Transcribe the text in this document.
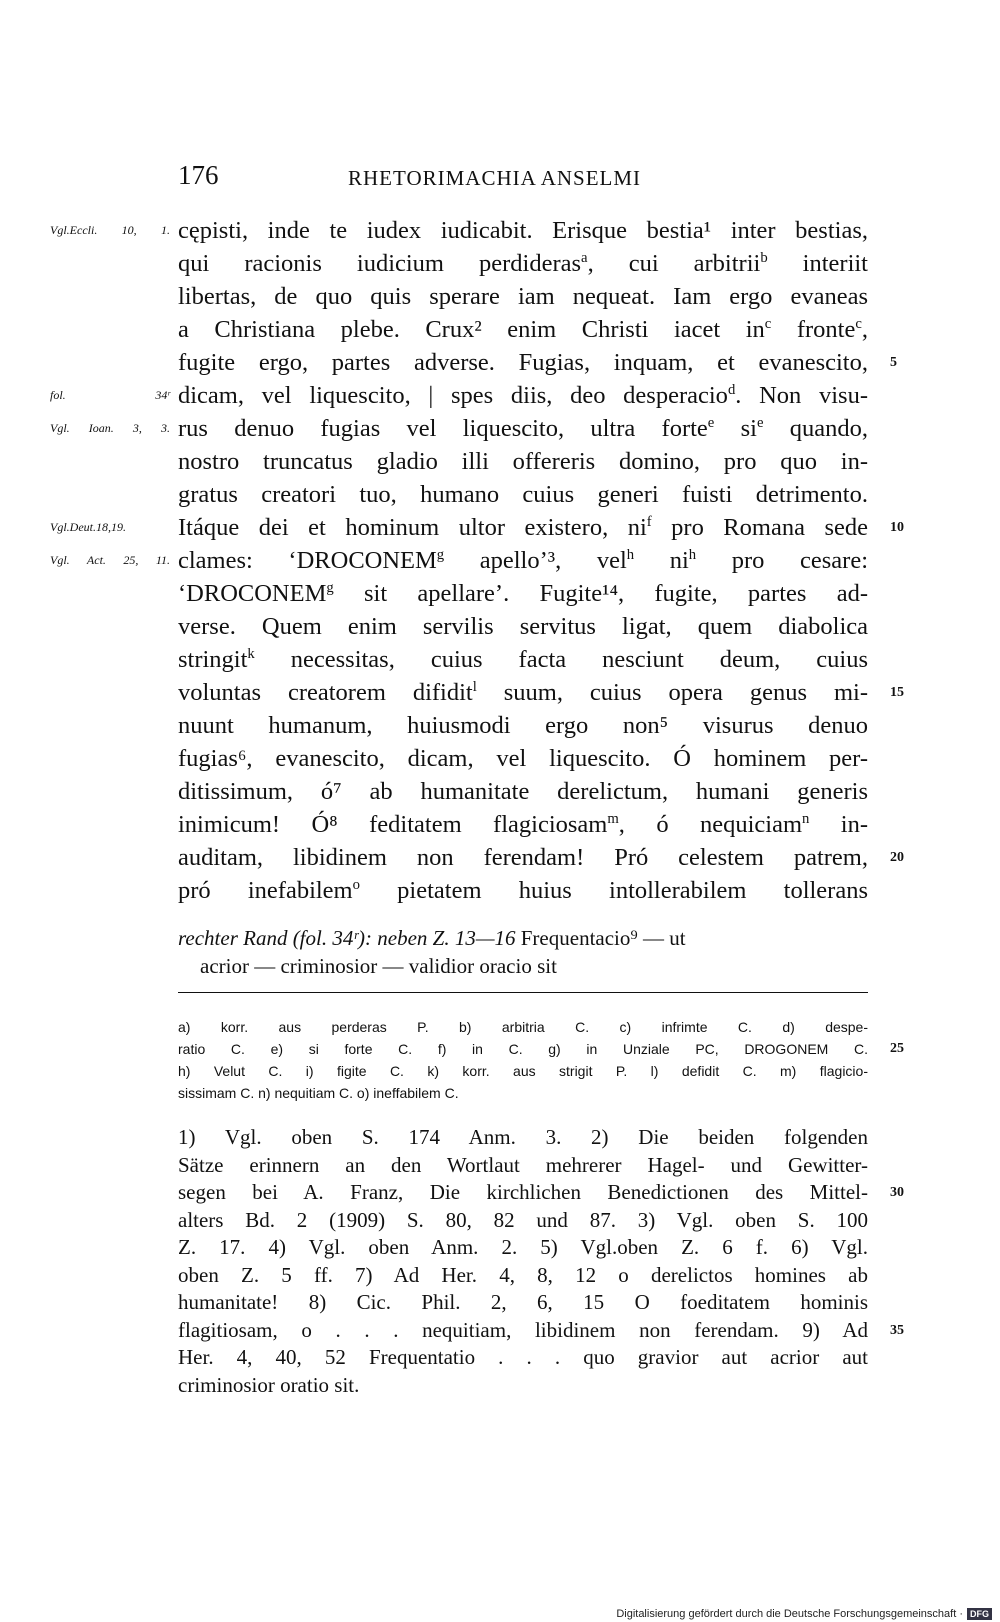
176	RHETORIMACHIA ANSELMI
cępisti, inde te iudex iudicabit. Erisque bestia¹ inter bestias,
Vgl.Eccli. 10, 1.
qui racionis iudicium perdideras$^a$, cui arbitrii$^b$ interiit
libertas, de quo quis sperare iam nequeat. Iam ergo evaneas
a Christiana plebe. Crux² enim Christi iacet $in^c$ fronte$^c$,
fugite ergo, partes adverse. Fugias, inquam, et evanescito, 5
dicam, vel liquescito, | spes diis, deo desperacio$^d$. Non visu-
fol. 34ʳ
rus denuo fugias vel liquescito, ultra forte$^e$ $si^e$ quando,
Vgl. Ioan. 3, 3.
nostro truncatus gladio illi offereris domino, pro quo in-
gratus creatori tuo, humano cuius generi fuisti detrimento.
Itáque dei et hominum ultor existero, $ni^f$ pro Romana sede
Vgl.Deut.18,19.	10
clames: ‘DROCONEM$^g$ apello’³, vel$^h$ $ni^h$ pro cesare:
Vgl. Act. 25, 11.
‘DROCONEM$^g$ sit apellare’. Fugite¹⁴, fugite, partes ad-
verse. Quem enim servilis servitus ligat, quem diabolica
stringit$^k$ necessitas, cuius facta nesciunt deum, cuius
voluntas creatorem difidit$^l$ suum, cuius opera genus mi- 15
nuunt humanum, huiusmodi ergo non⁵ visurus denuo
fugias⁶, evanescito, dicam, vel liquescito. Ó hominem per-
ditissimum, ó⁷ ab humanitate derelictum, humani generis
inimicum! Ó⁸ feditatem flagiciosam$^m$, ó nequiciam$^n$ in-
auditam, libidinem non ferendam! Pró celestem patrem, 20
pró inefabilem$^o$ pietatem huius intollerabilem tollerans
rechter Rand (fol. 34ʳ): neben Z. 13—16 Frequentacio⁹ — ut
acrior — criminosior — validior oracio sit
a) korr. aus perderas P. b) arbitria C. c) infrimte C. d) despe-
ratio C. e) si forte C. f) in C. g) in Unziale PC, DROGONEM C. 25
h) Velut C. i) figite C. k) korr. aus strigit P. l) defidit C. m) flagicio-
sissimam C. n) nequitiam C. o) ineffabilem C.
1) Vgl. oben S. 174 Anm. 3. 2) Die beiden folgenden
Sätze erinnern an den Wortlaut mehrerer Hagel- und Gewitter-
segen bei A. Franz, Die kirchlichen Benedictionen des Mittel- 30
alters Bd. 2 (1909) S. 80, 82 und 87. 3) Vgl. oben S. 100
Z. 17. 4) Vgl. oben Anm. 2. 5) Vgl.oben Z. 6 f. 6) Vgl.
oben Z. 5 ff. 7) Ad Her. 4, 8, 12 o derelictos homines ab
humanitate! 8) Cic. Phil. 2, 6, 15 O foeditatem hominis
flagitiosam, o . . . nequitiam, libidinem non ferendam. 9) Ad 35
Her. 4, 40, 52 Frequentatio . . . quo gravior aut acrior aut
criminosior oratio sit.
Digitalisierung gefördert durch die Deutsche Forschungsgemeinschaft · DFG
